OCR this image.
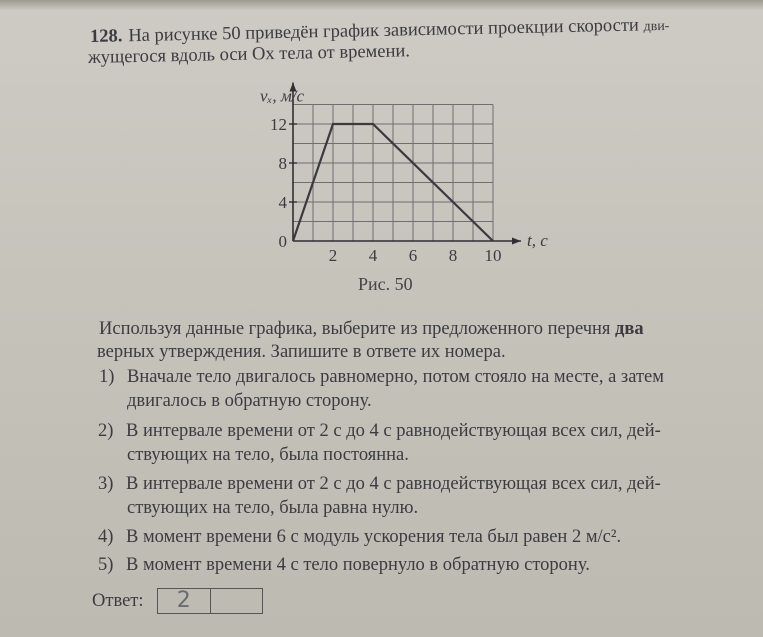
128. На рисунке 50 приведён график зависимости проекции скорости дви-
жущегося вдоль оси Ox тела от времени.
2 4 6 8 10
0
4
8
12
vₓ, м/с
t, c
Рис. 50
Используя данные графика, выберите из предложенного перечня два
верных утверждения. Запишите в ответе их номера.
1) Вначале тело двигалось равномерно, потом стояло на месте, а затем
двигалось в обратную сторону.
2) В интервале времени от 2 с до 4 с равнодействующая всех сил, дей-
ствующих на тело, была постоянна.
3) В интервале времени от 2 с до 4 с равнодействующая всех сил, дей-
ствующих на тело, была равна нулю.
4) В момент времени 6 с модуль ускорения тела был равен 2 м/с².
5) В момент времени 4 с тело повернуло в обратную сторону.
Ответ:	2
